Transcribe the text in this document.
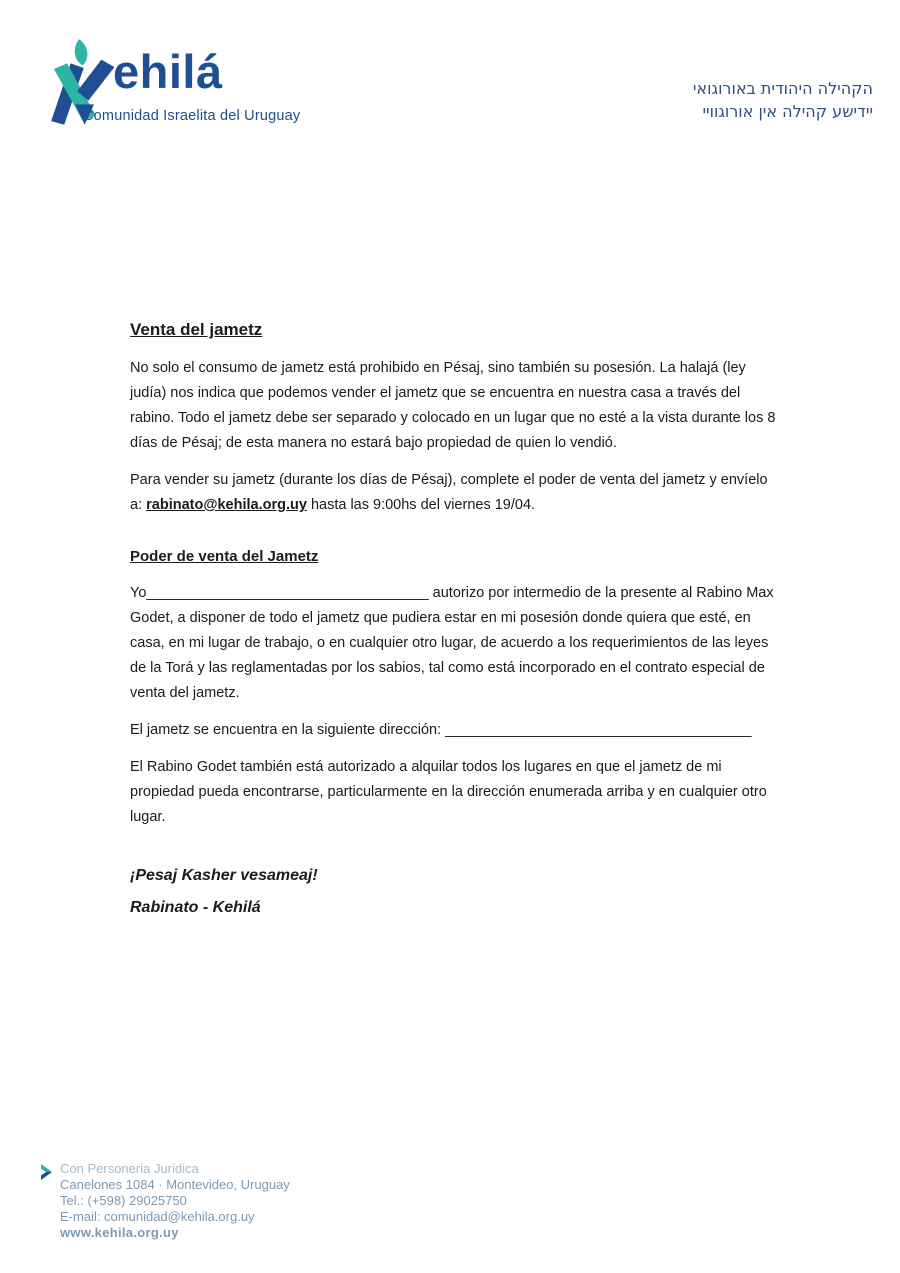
ehilá
Comunidad Israelita del Uruguay
הקהילה היהודית באורוגואי
יידישע קהילה אין אורוגוויי
Venta del jametz

No solo el consumo de jametz está prohibido en Pésaj, sino también su posesión. La halajá (ley judía) nos indica que podemos vender el jametz que se encuentra en nuestra casa a través del rabino. Todo el jametz debe ser separado y colocado en un lugar que no esté a la vista durante los 8 días de Pésaj; de esta manera no estará bajo propiedad de quien lo vendió.

Para vender su jametz (durante los días de Pésaj), complete el poder de venta del jametz y envíelo a: rabinato@kehila.org.uy hasta las 9:00hs del viernes 19/04.

Poder de venta del Jametz

Yo___________________________________ autorizo por intermedio de la presente al Rabino Max Godet, a disponer de todo el jametz que pudiera estar en mi posesión donde quiera que esté, en casa, en mi lugar de trabajo, o en cualquier otro lugar, de acuerdo a los requerimientos de las leyes de la Torá y las reglamentadas por los sabios, tal como está incorporado en el contrato especial de venta del jametz.

El jametz se encuentra en la siguiente dirección: ______________________________________

El Rabino Godet también está autorizado a alquilar todos los lugares en que el jametz de mi propiedad pueda encontrarse, particularmente en la dirección enumerada arriba y en cualquier otro lugar.

¡Pesaj Kasher vesameaj!

Rabinato - Kehilá

Con Personeria Juridica
Canelones 1084 · Montevideo, Uruguay
Tel.: (+598) 29025750
E-mail: comunidad@kehila.org.uy
www.kehila.org.uy
